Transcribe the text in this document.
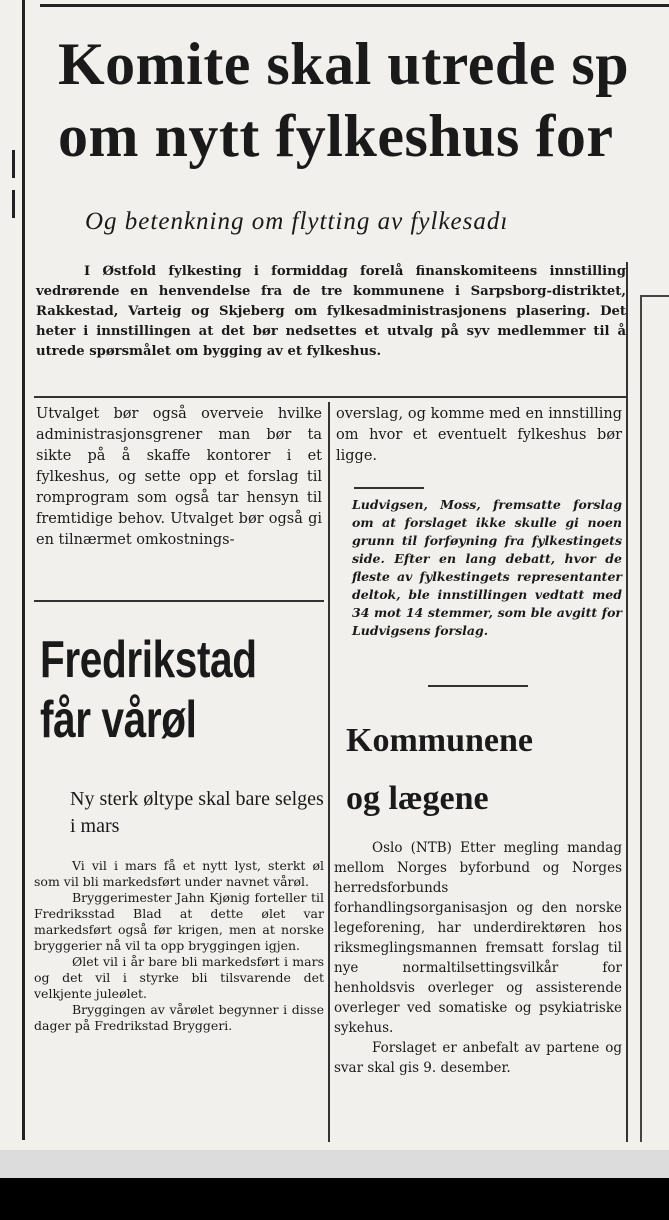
Komite skal utrede sp
om nytt fylkeshus for
Og betenkning om flytting av fylkesadı

I Østfold fylkesting i formiddag forelå finanskomiteens innstilling vedrørende en henvendelse fra de tre kommunene i Sarpsborg-distriktet, Rakkestad, Varteig og Skjeberg om fylkesadministrasjonens plasering. Det heter i innstillingen at det bør nedsettes et utvalg på syv medlemmer til å utrede spørsmålet om bygging av et fylkeshus.

Utvalget bør også overveie hvilke administrasjonsgrener man bør ta sikte på å skaffe kontorer i et fylkeshus, og sette opp et forslag til romprogram som også tar hensyn til fremtidige behov. Utvalget bør også gi en tilnærmet omkostnings-

overslag, og komme med en innstilling om hvor et eventuelt fylkeshus bør ligge.

Ludvigsen, Moss, fremsatte forslag om at forslaget ikke skulle gi noen grunn til forføyning fra fylkestingets side. Efter en lang debatt, hvor de fleste av fylkestingets representanter deltok, ble innstillingen vedtatt med 34 mot 14 stemmer, som ble avgitt for Ludvigsens forslag.

Fredrikstad
får vårøl
Ny sterk øltype skal bare selges i mars

Vi vil i mars få et nytt lyst, sterkt øl som vil bli markedsført under navnet vårøl.

Bryggerimester Jahn Kjønig forteller til Fredriksstad Blad at dette ølet var markedsført også før krigen, men at norske bryggerier nå vil ta opp bryggingen igjen.

Ølet vil i år bare bli markedsført i mars og det vil i styrke bli tilsvarende det velkjente juleølet.

Bryggingen av vårølet begynner i disse dager på Fredrikstad Bryggeri.

Kommunene
og lægene

Oslo (NTB) Etter megling mandag mellom Norges byforbund og Norges herredsforbunds forhandlingsorganisasjon og den norske legeforening, har underdirektøren hos riksmeglingsmannen fremsatt forslag til nye normaltilsettingsvilkår for henholdsvis overleger og assisterende overleger ved somatiske og psykiatriske sykehus.

Forslaget er anbefalt av partene og svar skal gis 9. desember.
